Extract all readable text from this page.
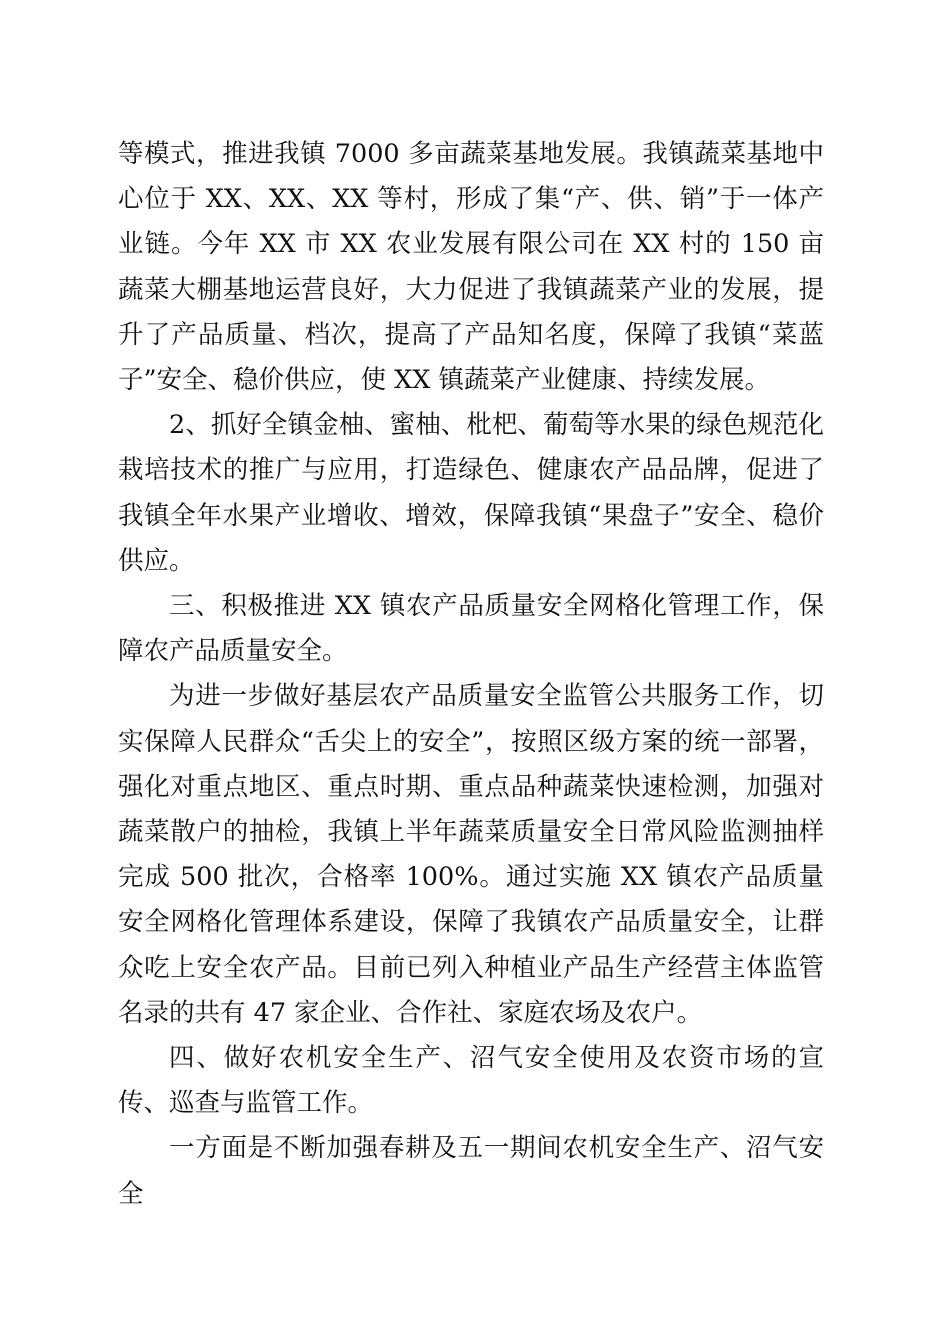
等模式，推进我镇 7000 多亩蔬菜基地发展。我镇蔬菜基地中心位于 XX、XX、XX 等村，形成了集“产、供、销”于一体产业链。今年 XX 市 XX 农业发展有限公司在 XX 村的 150 亩蔬菜大棚基地运营良好，大力促进了我镇蔬菜产业的发展，提升了产品质量、档次，提高了产品知名度，保障了我镇“菜蓝子”安全、稳价供应，使 XX 镇蔬菜产业健康、持续发展。

2、抓好全镇金柚、蜜柚、枇杷、葡萄等水果的绿色规范化栽培技术的推广与应用，打造绿色、健康农产品品牌，促进了我镇全年水果产业增收、增效，保障我镇“果盘子”安全、稳价供应。

三、积极推进 XX 镇农产品质量安全网格化管理工作，保障农产品质量安全。

为进一步做好基层农产品质量安全监管公共服务工作，切实保障人民群众“舌尖上的安全”，按照区级方案的统一部署，强化对重点地区、重点时期、重点品种蔬菜快速检测，加强对蔬菜散户的抽检，我镇上半年蔬菜质量安全日常风险监测抽样完成 500 批次，合格率 100%。通过实施 XX 镇农产品质量安全网格化管理体系建设，保障了我镇农产品质量安全，让群众吃上安全农产品。目前已列入种植业产品生产经营主体监管名录的共有 47 家企业、合作社、家庭农场及农户。

四、做好农机安全生产、沼气安全使用及农资市场的宣传、巡查与监管工作。

一方面是不断加强春耕及五一期间农机安全生产、沼气安全
